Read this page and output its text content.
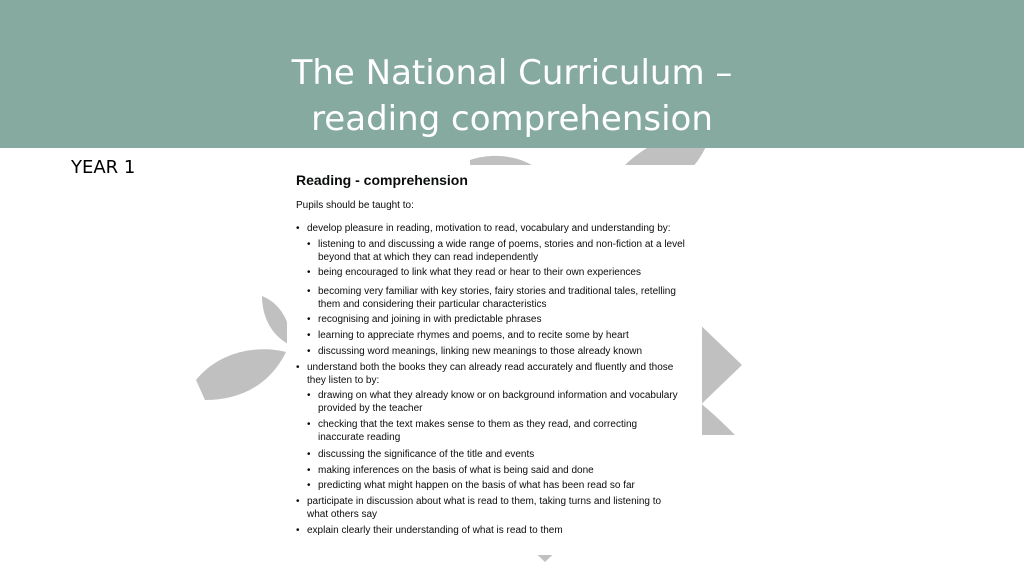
The National Curriculum –
reading comprehension
YEAR 1
Reading - comprehension
Pupils should be taught to:
• develop pleasure in reading, motivation to read, vocabulary and understanding by:
• listening to and discussing a wide range of poems, stories and non-fiction at a level
beyond that at which they can read independently
• being encouraged to link what they read or hear to their own experiences
• becoming very familiar with key stories, fairy stories and traditional tales, retelling
them and considering their particular characteristics
• recognising and joining in with predictable phrases
• learning to appreciate rhymes and poems, and to recite some by heart
• discussing word meanings, linking new meanings to those already known
• understand both the books they can already read accurately and fluently and those
they listen to by:
• drawing on what they already know or on background information and vocabulary
provided by the teacher
• checking that the text makes sense to them as they read, and correcting
inaccurate reading
• discussing the significance of the title and events
• making inferences on the basis of what is being said and done
• predicting what might happen on the basis of what has been read so far
• participate in discussion about what is read to them, taking turns and listening to
what others say
• explain clearly their understanding of what is read to them
